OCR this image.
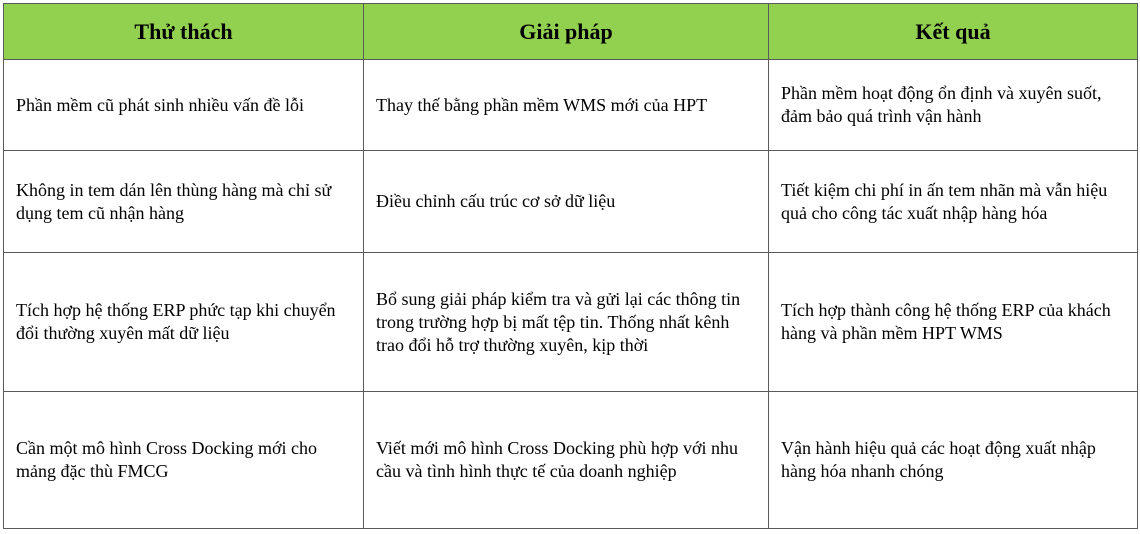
Thử thách	Giải pháp	Kết quả

Phần mềm cũ phát sinh nhiều vấn đề lỗi	Thay thế bằng phần mềm WMS mới của HPT	Phần mềm hoạt động ổn định và xuyên suốt, đảm bảo quá trình vận hành

Không in tem dán lên thùng hàng mà chỉ sử dụng tem cũ nhận hàng	Điều chỉnh cấu trúc cơ sở dữ liệu	Tiết kiệm chi phí in ấn tem nhãn mà vẫn hiệu quả cho công tác xuất nhập hàng hóa

Tích hợp hệ thống ERP phức tạp khi chuyển đổi thường xuyên mất dữ liệu	Bổ sung giải pháp kiểm tra và gửi lại các thông tin trong trường hợp bị mất tệp tin. Thống nhất kênh trao đổi hỗ trợ thường xuyên, kịp thời	Tích hợp thành công hệ thống ERP của khách hàng và phần mềm HPT WMS

Cần một mô hình Cross Docking mới cho mảng đặc thù FMCG	Viết mới mô hình Cross Docking phù hợp với nhu cầu và tình hình thực tế của doanh nghiệp	Vận hành hiệu quả các hoạt động xuất nhập hàng hóa nhanh chóng
